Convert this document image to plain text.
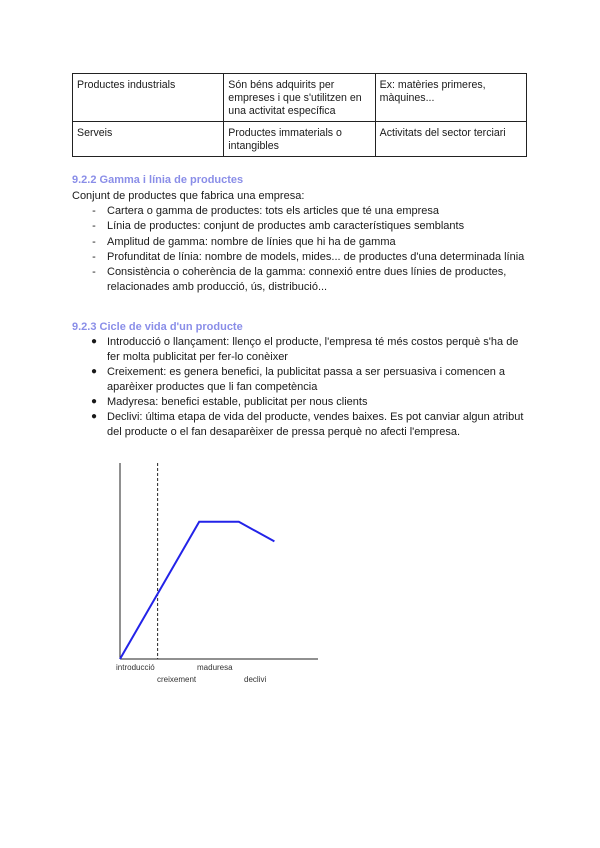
Productes industrials	Són béns adquirits per empreses i que s'utilitzen en una activitat específica	Ex: matèries primeres, màquines...
Serveis	Productes immaterials o intangibles	Activitats del sector terciari
9.2.2 Gamma i línia de productes
Conjunt de productes que fabrica una empresa:
-	Cartera o gamma de productes: tots els articles que té una empresa
-	Línia de productes: conjunt de productes amb característiques semblants
-	Amplitud de gamma: nombre de línies que hi ha de gamma
-	Profunditat de línia: nombre de models, mides... de productes d'una determinada línia
-	Consistència o coherència de la gamma: connexió entre dues línies de productes, relacionades amb producció, ús, distribució...
9.2.3 Cicle de vida d'un producte
● Introducció o llançament: llenço el producte, l'empresa té més costos perquè s'ha de fer molta publicitat per fer-lo conèixer
● Creixement: es genera benefici, la publicitat passa a ser persuasiva i comencen a aparèixer productes que li fan competència
● Madyresa: benefici estable, publicitat per nous clients
● Declivi: última etapa de vida del producte, vendes baixes. Es pot canviar algun atribut del producte o el fan desaparèixer de pressa perquè no afecti l'empresa.
introducció
creixement
maduresa
declivi
